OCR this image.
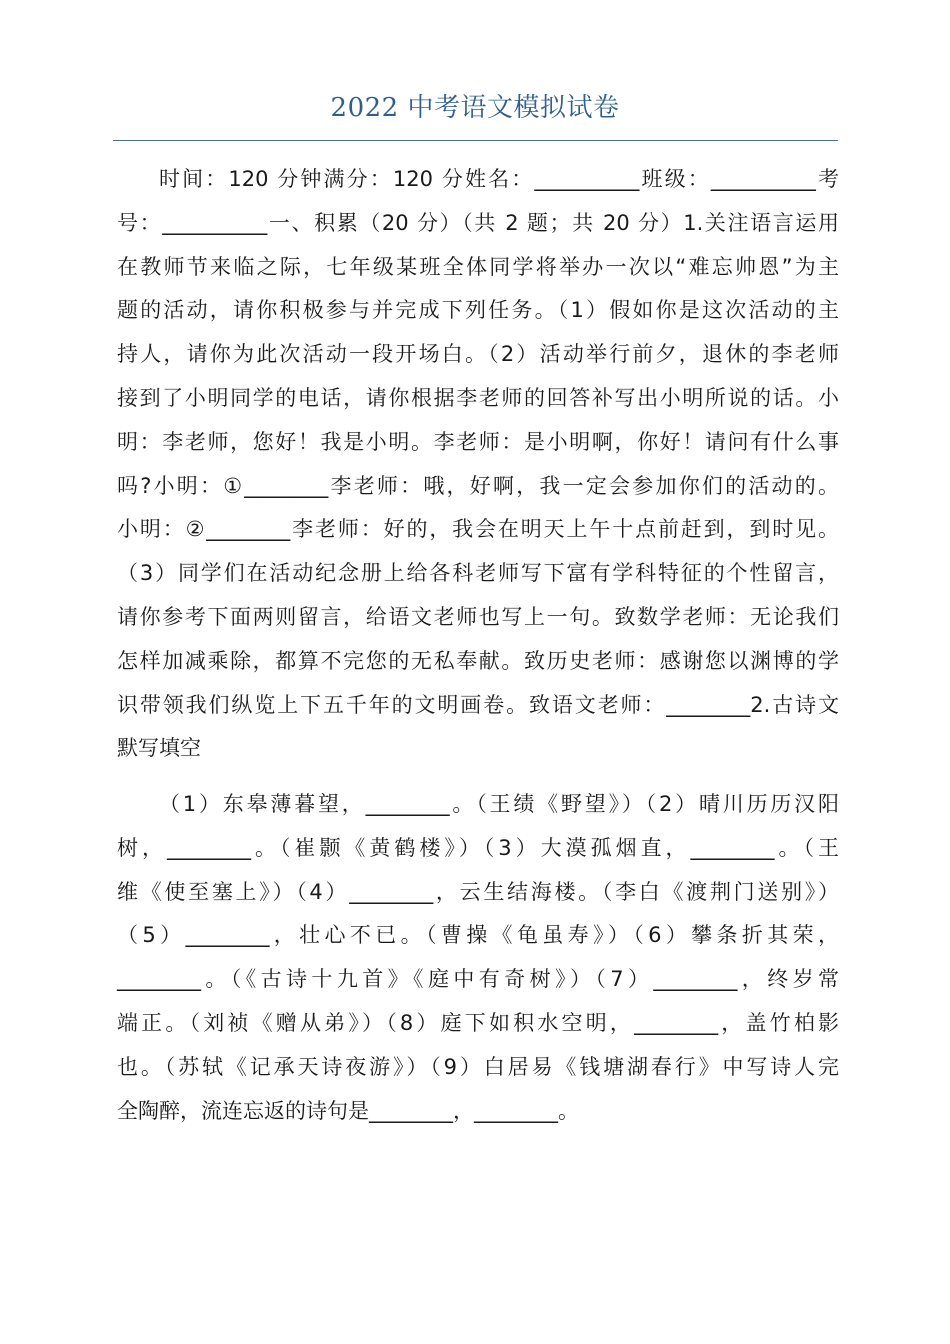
2022 中考语文模拟试卷
时间：120 分钟满分：120 分姓名：__________班级：__________考
号：__________一、积累（20 分）（共 2 题；共 20 分）1.关注语言运用
在教师节来临之际，七年级某班全体同学将举办一次以“难忘帅恩”为主
题的活动，请你积极参与并完成下列任务。（1）假如你是这次活动的主
持人，请你为此次活动一段开场白。（2）活动举行前夕，退休的李老师
接到了小明同学的电话，请你根据李老师的回答补写出小明所说的话。小
明：李老师，您好！我是小明。李老师：是小明啊，你好！请问有什么事
吗?小明：①________李老师：哦，好啊，我一定会参加你们的活动的。
小明：②________李老师：好的，我会在明天上午十点前赶到，到时见。
（3）同学们在活动纪念册上给各科老师写下富有学科特征的个性留言，
请你参考下面两则留言，给语文老师也写上一句。致数学老师：无论我们
怎样加减乘除，都算不完您的无私奉献。致历史老师：感谢您以渊博的学
识带领我们纵览上下五千年的文明画卷。致语文老师：________2.古诗文
默写填空
（1）东皋薄暮望，________。（王绩《野望》）（2）晴川历历汉阳
树，________。（崔颢《黄鹤楼》）（3）大漠孤烟直，________。（王
维《使至塞上》）（4）________，云生结海楼。（李白《渡荆门送别》）
（5）________，壮心不已。（曹操《龟虽寿》）（6）攀条折其荣，
________。（《古诗十九首》《庭中有奇树》）（7）________，终岁常
端正。（刘祯《赠从弟》）（8）庭下如积水空明，________，盖竹柏影
也。（苏轼《记承天诗夜游》）（9）白居易《钱塘湖春行》中写诗人完
全陶醉，流连忘返的诗句是________，________。
